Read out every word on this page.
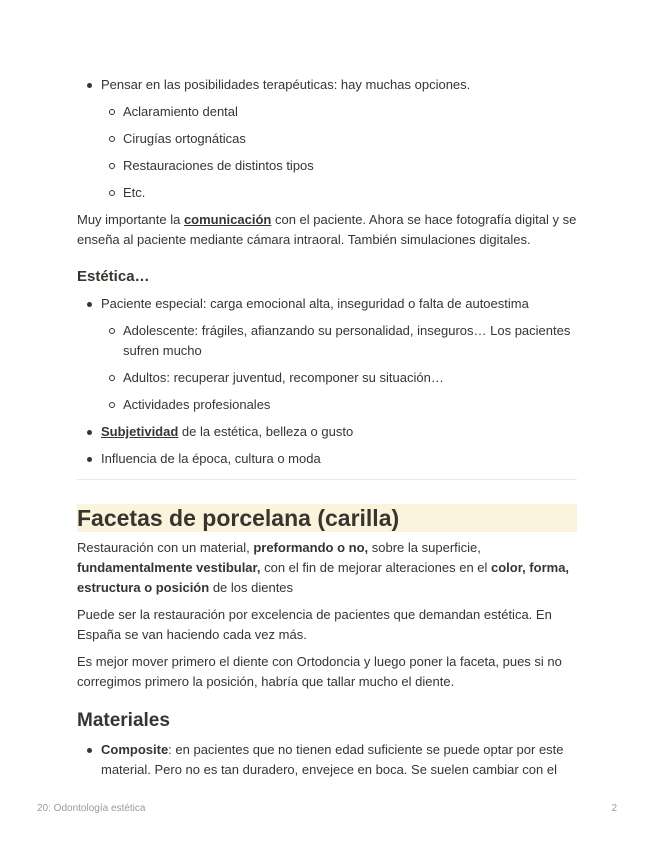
Pensar en las posibilidades terapéuticas: hay muchas opciones.
Aclaramiento dental
Cirugías ortognáticas
Restauraciones de distintos tipos
Etc.

Muy importante la comunicación con el paciente. Ahora se hace fotografía digital y se enseña al paciente mediante cámara intraoral. También simulaciones digitales.

Estética…
Paciente especial: carga emocional alta, inseguridad o falta de autoestima
Adolescente: frágiles, afianzando su personalidad, inseguros… Los pacientes sufren mucho
Adultos: recuperar juventud, recomponer su situación…
Actividades profesionales
Subjetividad de la estética, belleza o gusto
Influencia de la época, cultura o moda
Facetas de porcelana (carilla)

Restauración con un material, preformando o no, sobre la superficie, fundamentalmente vestibular, con el fin de mejorar alteraciones en el color, forma, estructura o posición de los dientes

Puede ser la restauración por excelencia de pacientes que demandan estética. En España se van haciendo cada vez más.

Es mejor mover primero el diente con Ortodoncia y luego poner la faceta, pues si no corregimos primero la posición, habría que tallar mucho el diente.

Materiales
Composite: en pacientes que no tienen edad suficiente se puede optar por este material. Pero no es tan duradero, envejece en boca. Se suelen cambiar con el
20: Odontología estética	2
